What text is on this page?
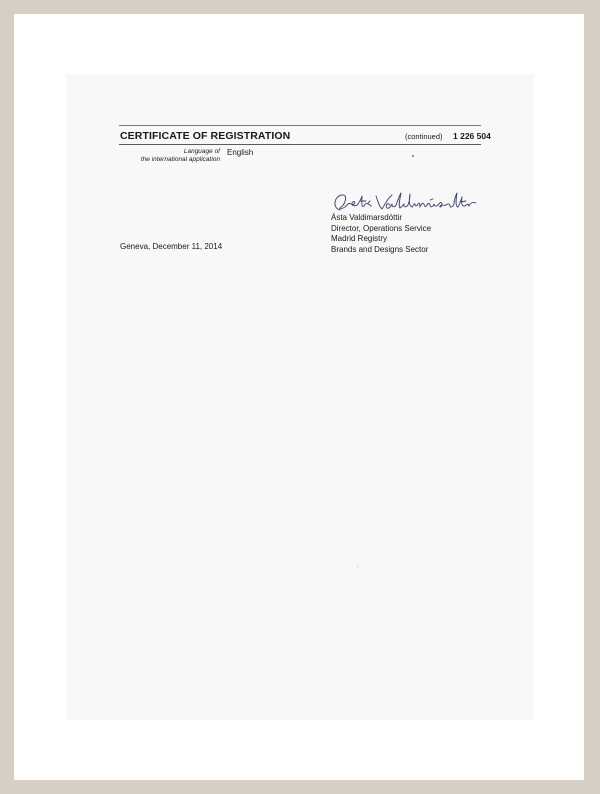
CERTIFICATE OF REGISTRATION	(continued) 1 226 504
Language of
the international application
English
Ásta Valdimarsdóttir
Director, Operations Service
Madrid Registry
Brands and Designs Sector
Geneva, December 11, 2014
